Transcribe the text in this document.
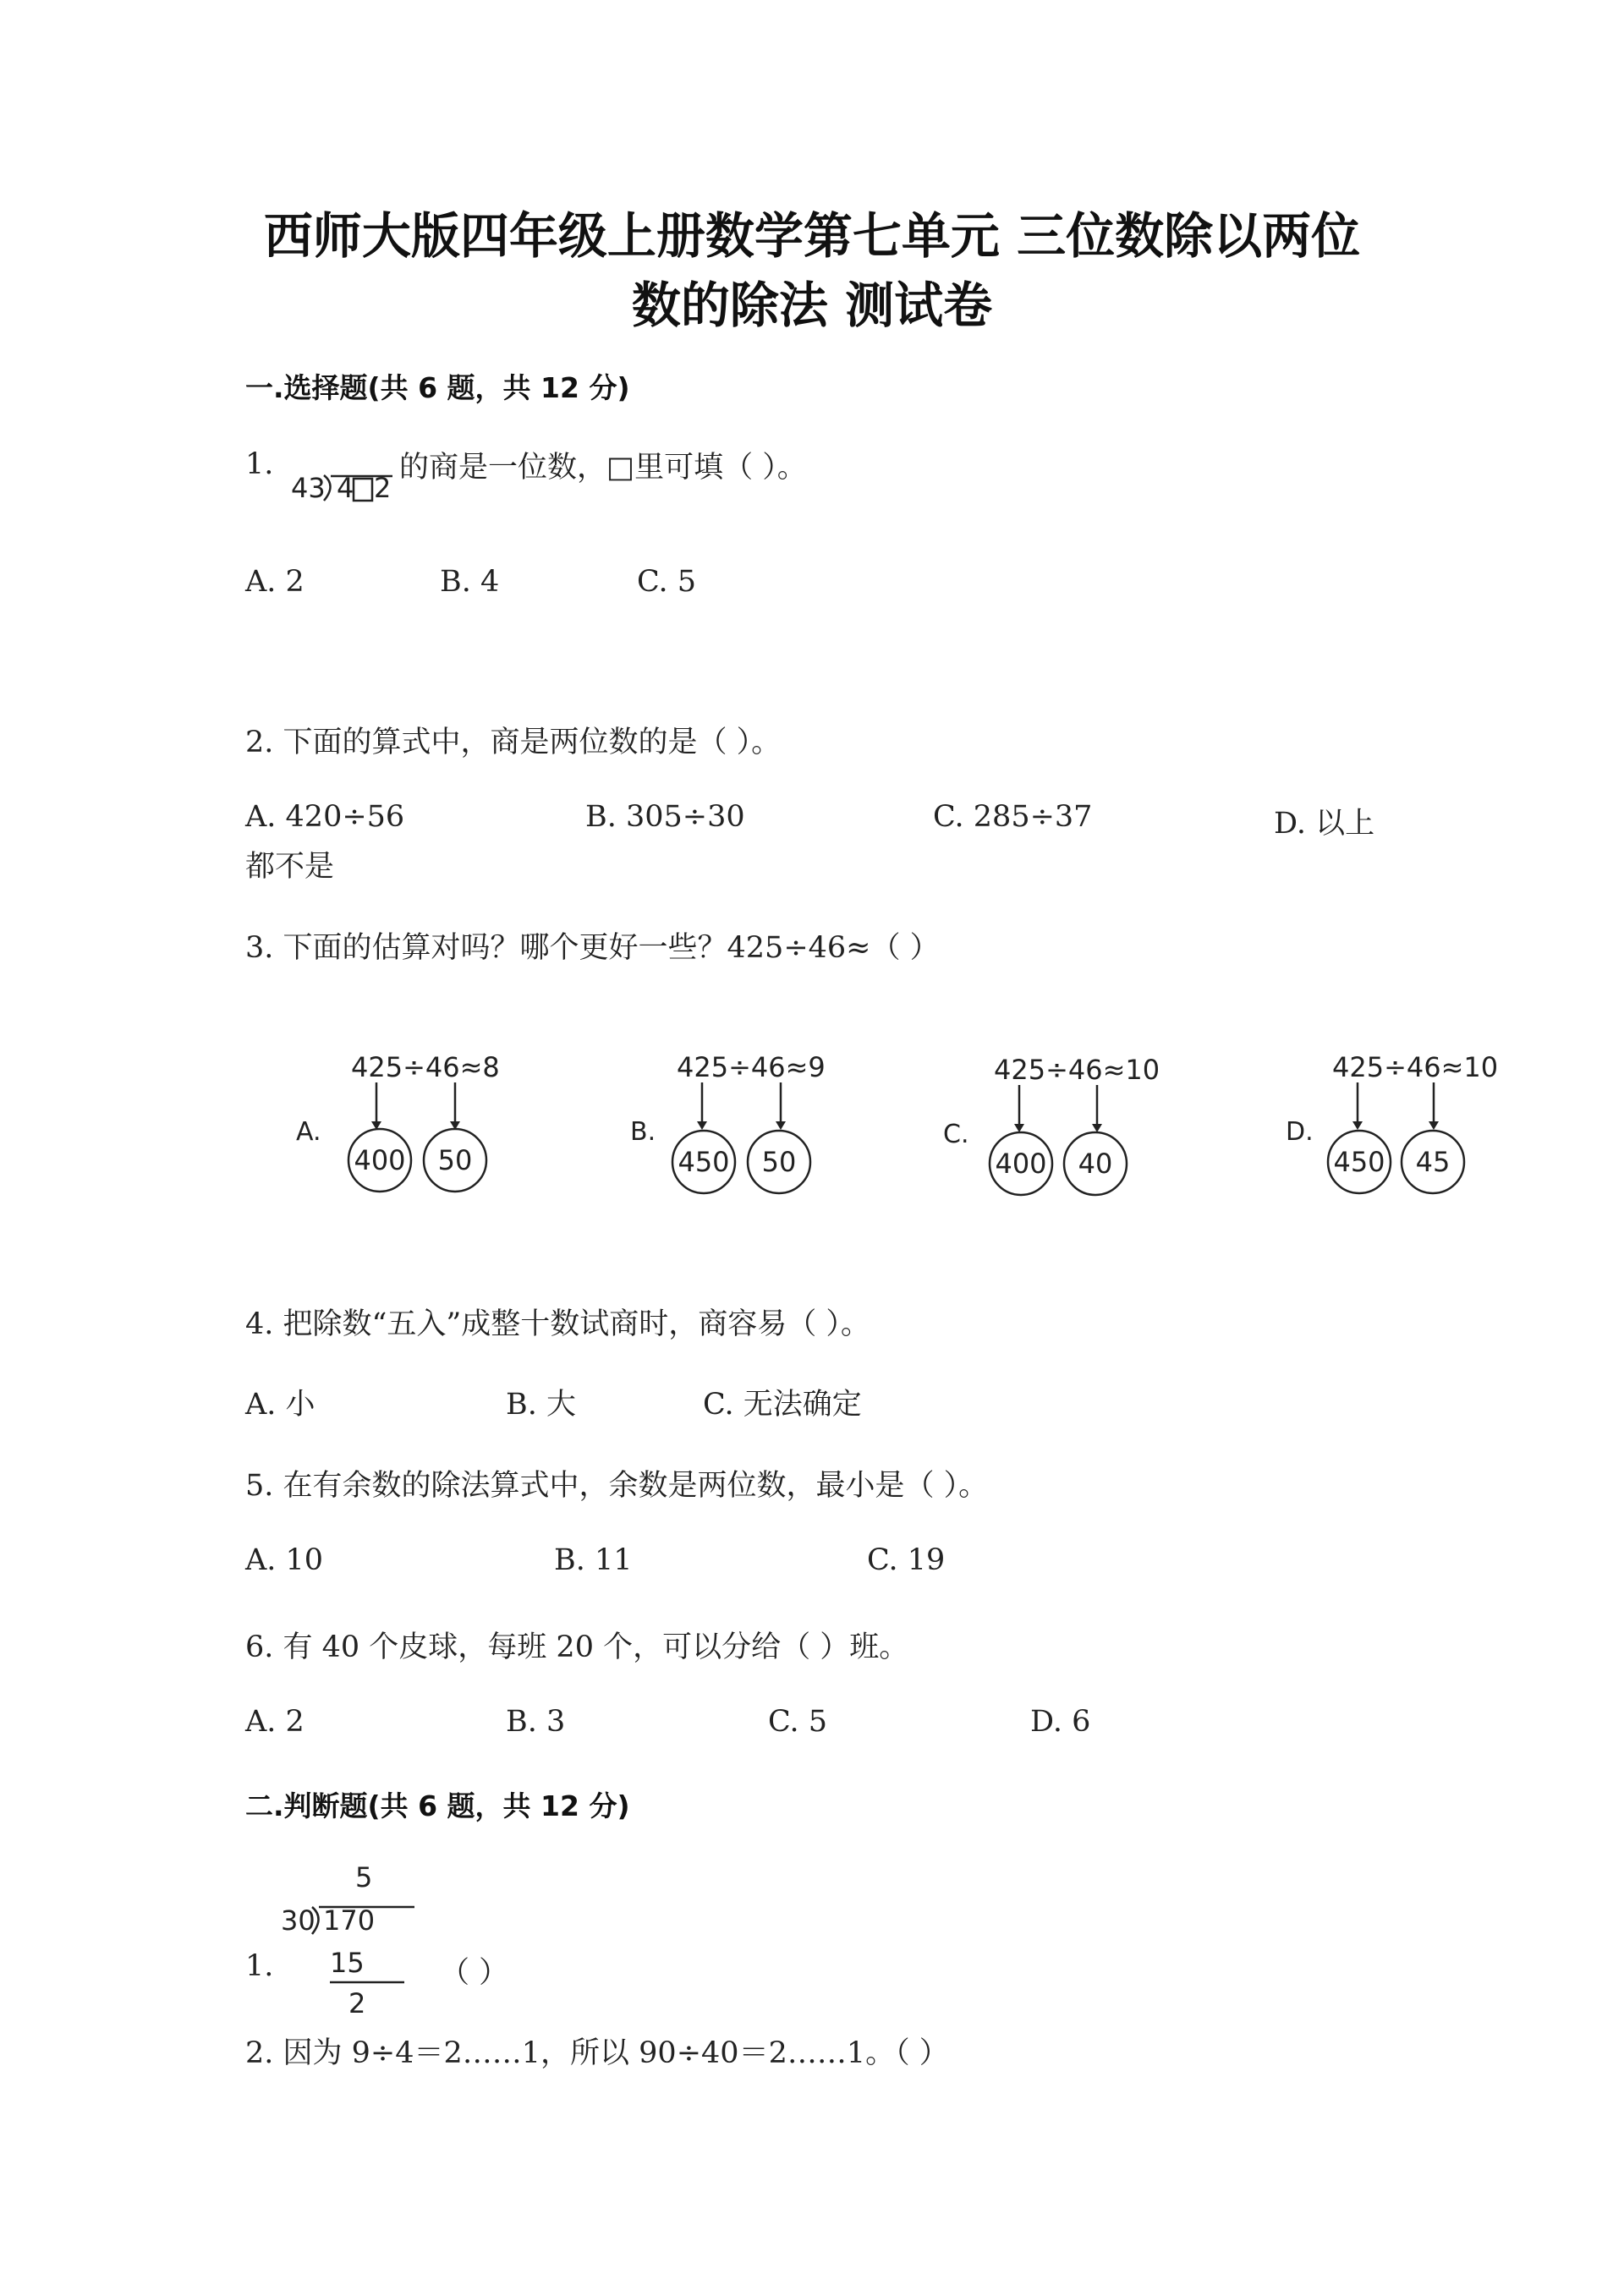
西师大版四年级上册数学第七单元 三位数除以两位
数的除法 测试卷
一.选择题(共 6 题，共 12 分)
1.
43 4 2
的商是一位数，□里可填（ ）。
A. 2	B. 4	C. 5
2. 下面的算式中，商是两位数的是（ ）。
A. 420÷56	B. 305÷30	C. 285÷37	D. 以上
都不是
3. 下面的估算对吗？哪个更好一些？425÷46≈（ ）
A.
425÷46≈8
400 50
B.
425÷46≈9
450 50
C.
425÷46≈10
400 40
D.
425÷46≈10
450 45
4. 把除数“五入”成整十数试商时，商容易（ ）。
A. 小	B. 大	C. 无法确定
5. 在有余数的除法算式中，余数是两位数，最小是（ ）。
A. 10	B. 11	C. 19
6. 有 40 个皮球，每班 20 个，可以分给（ ）班。
A. 2	B. 3	C. 5	D. 6
二.判断题(共 6 题，共 12 分)
1.
5
30 170
15
2
（ ）
2. 因为 9÷4＝2……1，所以 90÷40＝2……1。（ ）
